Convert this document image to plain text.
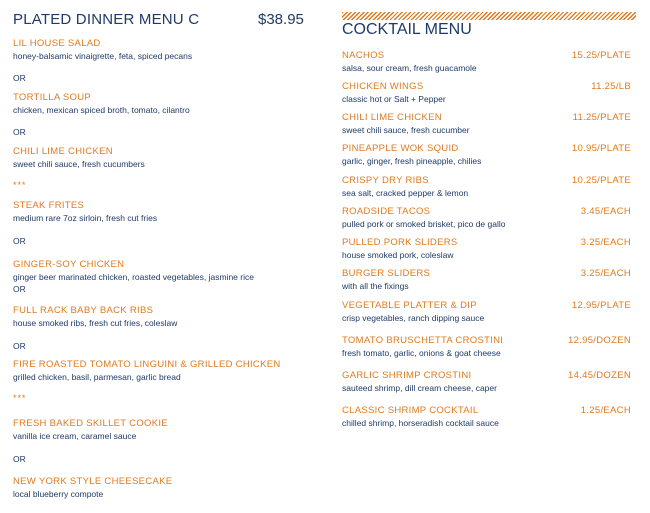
PLATED DINNER MENU C	$38.95
LIL HOUSE SALAD
honey-balsamic vinaigrette, feta, spiced pecans
OR
TORTILLA SOUP
chicken, mexican spiced broth, tomato, cilantro
OR
CHILI LIME CHICKEN
sweet chili sauce, fresh cucumbers
***
STEAK FRITES
medium rare 7oz sirloin, fresh cut fries
OR
GINGER-SOY CHICKEN
ginger beer marinated chicken, roasted vegetables, jasmine rice
OR
FULL RACK BABY BACK RIBS
house smoked ribs, fresh cut fries, coleslaw
OR
FIRE ROASTED TOMATO LINGUINI & GRILLED CHICKEN
grilled chicken, basil, parmesan, garlic bread
***
FRESH BAKED SKILLET COOKIE
vanilla ice cream, caramel sauce
OR
NEW YORK STYLE CHEESECAKE
local blueberry compote
COCKTAIL MENU
NACHOS	15.25/PLATE
salsa, sour cream, fresh guacamole
CHICKEN WINGS	11.25/LB
classic hot or Salt + Pepper
CHILI LIME CHICKEN	11.25/PLATE
sweet chili sauce, fresh cucumber
PINEAPPLE WOK SQUID	10.95/PLATE
garlic, ginger, fresh pineapple, chilies
CRISPY DRY RIBS	10.25/PLATE
sea salt, cracked pepper & lemon
ROADSIDE TACOS	3.45/EACH
pulled pork or smoked brisket, pico de gallo
PULLED PORK SLIDERS	3.25/EACH
house smoked pork, coleslaw
BURGER SLIDERS	3.25/EACH
with all the fixings
VEGETABLE PLATTER & DIP	12.95/PLATE
crisp vegetables, ranch dipping sauce
TOMATO BRUSCHETTA CROSTINI	12.95/DOZEN
fresh tomato, garlic, onions & goat cheese
GARLIC SHRIMP CROSTINI	14.45/DOZEN
sauteed shrimp, dill cream cheese, caper
CLASSIC SHRIMP COCKTAIL	1.25/EACH
chilled shrimp, horseradish cocktail sauce
